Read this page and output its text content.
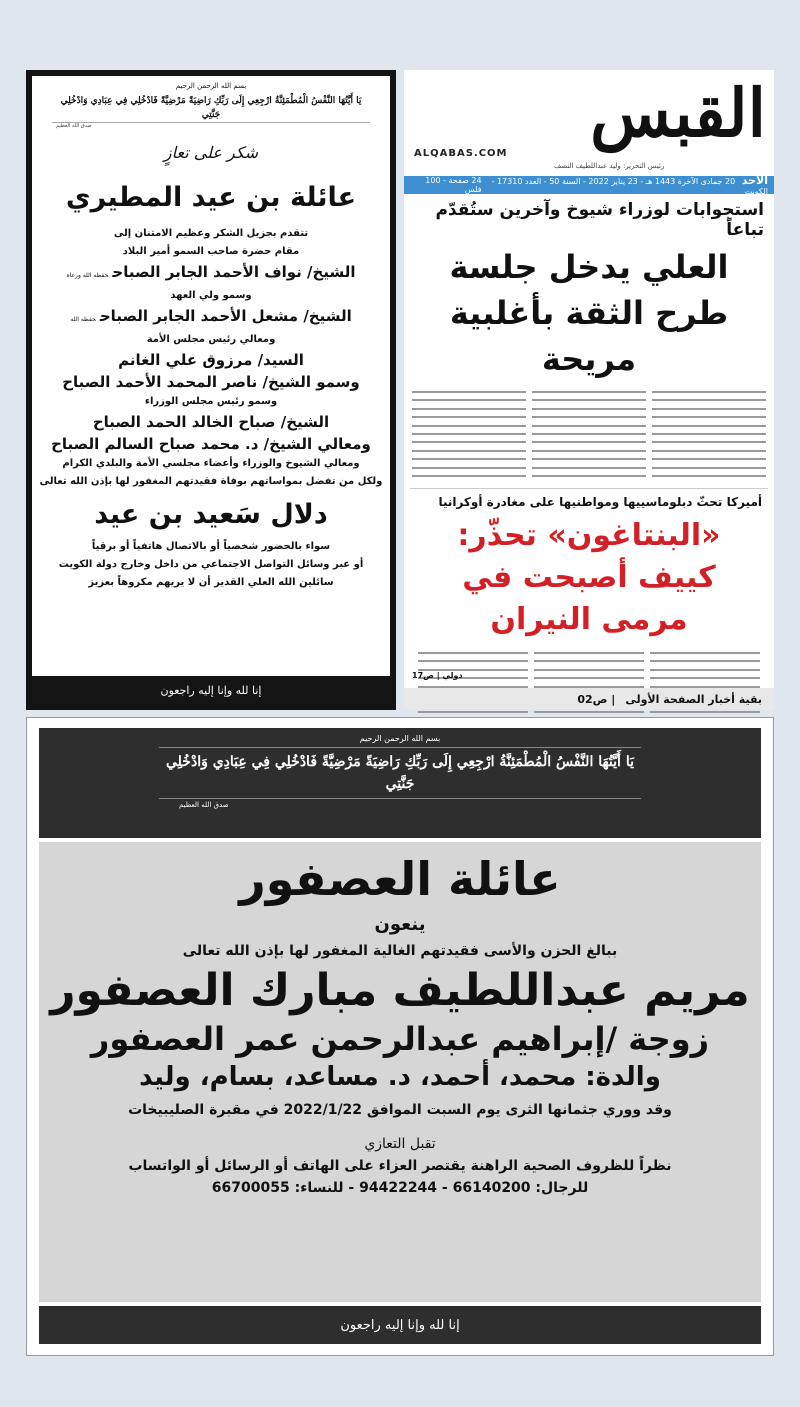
القبس
ALQABAS.COM
رئيس التحرير: وليد عبداللطيف النصف
الأحد 20 جمادى الآخرة 1443 هـ - 23 يناير 2022 - السنة 50 - العدد 17310 - الكويت
24 صفحة - 100 فلس
استجوابات لوزراء شيوخ وآخرين ستُقدّم تباعاً
العلي يدخل جلسة طرح الثقة بأغلبية مريحة
أميركا تحثّ دبلوماسييها ومواطنيها على مغادرة أوكرانيا
«البنتاغون» تحذّر: كييف أصبحت في مرمى النيران
دولي | ص17
بقية أخبار الصفحة الأولى
| ص02
بسم الله الرحمن الرحيم
يَا أَيَّتُهَا النَّفْسُ الْمُطْمَئِنَّةُ ارْجِعِي إِلَى رَبِّكِ رَاضِيَةً مَرْضِيَّةً فَادْخُلِي فِي عِبَادِي وَادْخُلِي جَنَّتِي
صدق الله العظيم
شكر على تعازٍ
عائلة بن عيد المطيري
تتقدم بجزيل الشكر وعظيم الامتنان إلى
مقام حضرة صاحب السمو أمير البلاد
الشيخ/ نواف الأحمد الجابر الصباححفظه الله ورعاه
وسمو ولي العهد
الشيخ/ مشعل الأحمد الجابر الصباححفظه الله
ومعالي رئيس مجلس الأمة
السيد/ مرزوق علي الغانم
وسمو الشيخ/ ناصر المحمد الأحمد الصباح
وسمو رئيس مجلس الوزراء
الشيخ/ صباح الخالد الحمد الصباح
ومعالي الشيخ/ د. محمد صباح السالم الصباح
ومعالي الشيوخ والوزراء وأعضاء مجلسي الأمة والبلدي الكرام
ولكل من تفضل بمواساتهم بوفاة فقيدتهم المغفور لها بإذن الله تعالى
دلال سَعيد بن عيد
سواء بالحضور شخصياً أو بالاتصال هاتفياً أو برقياً
أو عبر وسائل التواصل الاجتماعي من داخل وخارج دولة الكويت
سائلين الله العلي القدير أن لا يريهم مكروهاً بعزيز
إنا لله وإنا إليه راجعون
بسم الله الرحمن الرحيم
يَا أَيَّتُهَا النَّفْسُ الْمُطْمَئِنَّةُ ارْجِعِي إِلَى رَبِّكِ رَاضِيَةً مَرْضِيَّةً فَادْخُلِي فِي عِبَادِي وَادْخُلِي جَنَّتِي
صدق الله العظيم
عائلة العصفور
ينعون
ببالغ الحزن والأسى فقيدتهم الغالية المغفور لها بإذن الله تعالى
مريم عبداللطيف مبارك العصفور
زوجة /إبراهيم عبدالرحمن عمر العصفور
والدة: محمد، أحمد، د. مساعد، بسام، وليد
وقد ووري جثمانها الثرى يوم السبت الموافق 2022/1/22 في مقبرة الصليبيخات
تقبل التعازي
نظراً للظروف الصحية الراهنة يقتصر العزاء على الهاتف أو الرسائل أو الواتساب
للرجال: 66140200 - 94422244 - للنساء: 66700055
إنا لله وإنا إليه راجعون
